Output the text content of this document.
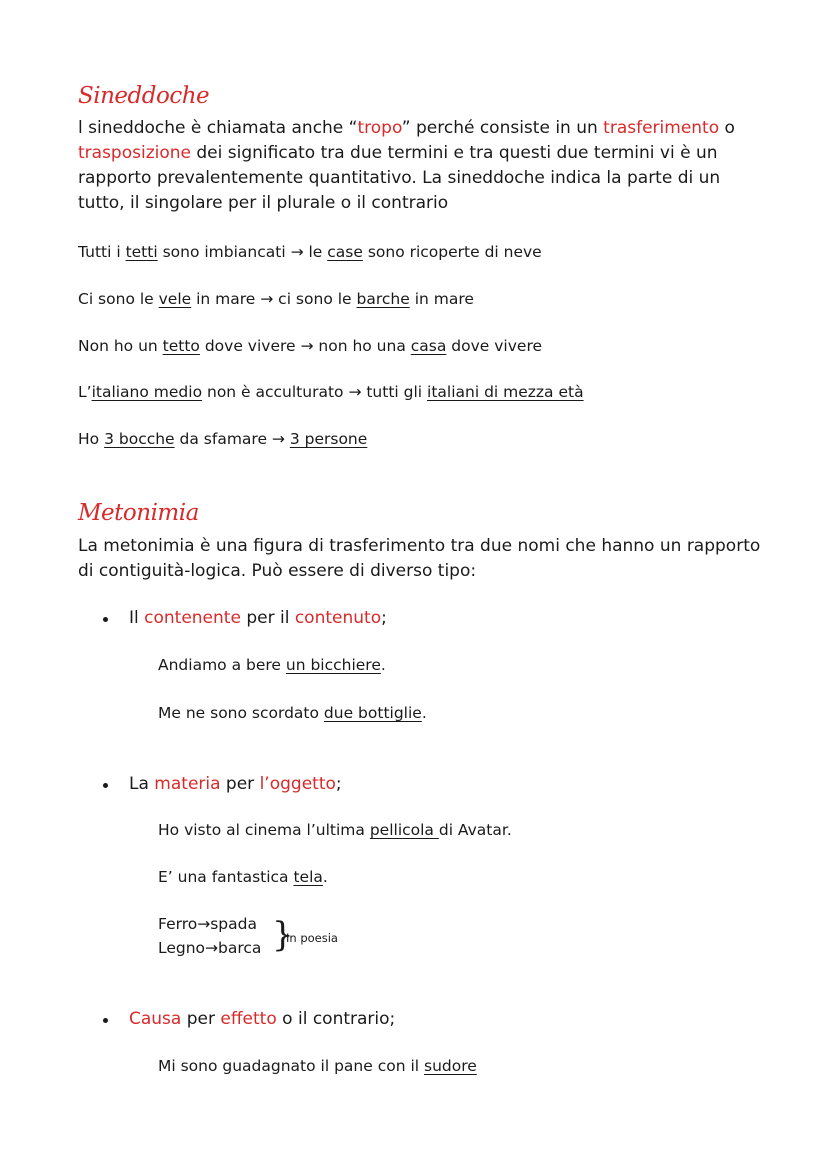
Sineddoche
l sineddoche è chiamata anche “tropo” perché consiste in un trasferimento o
trasposizione dei significato tra due termini e tra questi due termini vi è un
rapporto prevalentemente quantitativo. La sineddoche indica la parte di un
tutto, il singolare per il plurale o il contrario
Tutti i tetti sono imbiancati → le case sono ricoperte di neve
Ci sono le vele in mare → ci sono le barche in mare
Non ho un tetto dove vivere → non ho una casa dove vivere
L’italiano medio non è acculturato → tutti gli italiani di mezza età
Ho 3 bocche da sfamare → 3 persone
Metonimia
La metonimia è una figura di trasferimento tra due nomi che hanno un rapporto
di contiguità-logica. Può essere di diverso tipo:
Il contenente per il contenuto;
Andiamo a bere un bicchiere.
Me ne sono scordato due bottiglie.
La materia per l’oggetto;
Ho visto al cinema l’ultima pellicola di Avatar.
E’ una fantastica tela.
Ferro→spada
Legno→barca }
In poesia
Causa per effetto o il contrario;
Mi sono guadagnato il pane con il sudore
